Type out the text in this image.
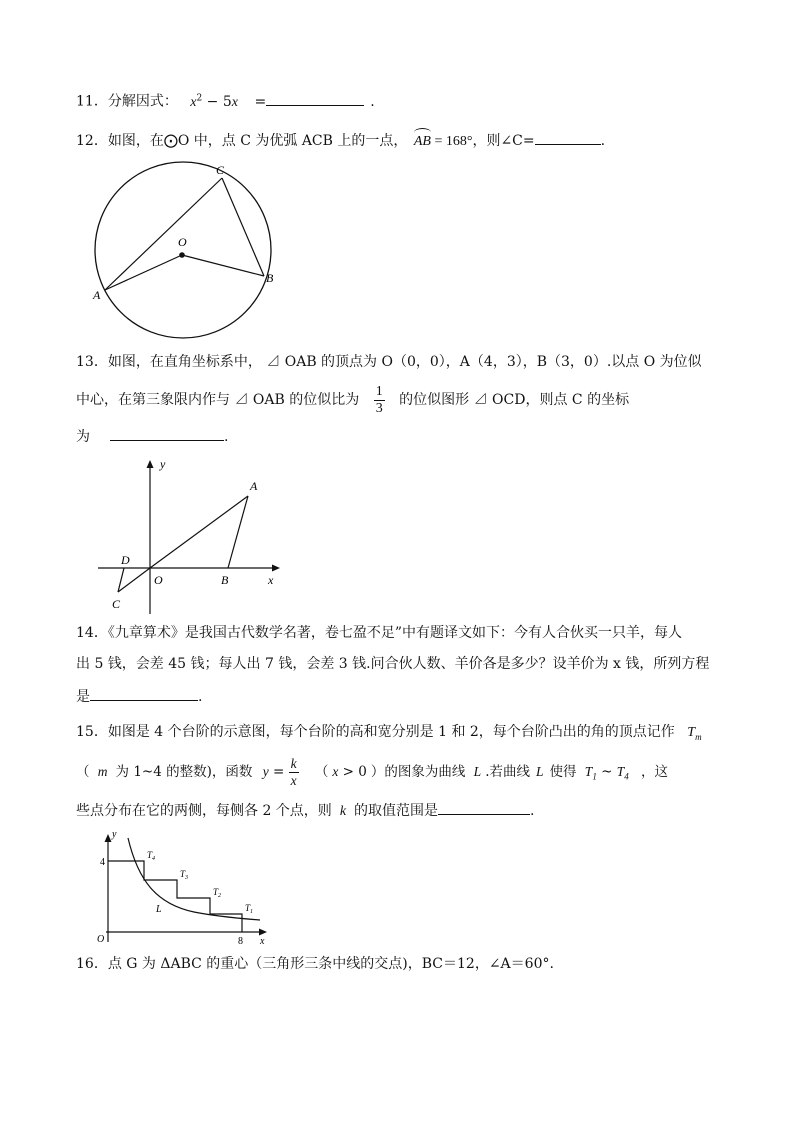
11．分解因式： $x^2 - 5x$ =	.
12．如图，在⨀O 中，点 C 为优弧 ACB 上的一点， AB = 168°，则∠C=	.
C
O
B
A
13．如图，在直角坐标系中， ⊿ OAB 的顶点为 O（0，0），A（4，3），B（3，0）.以点 O 为位似
中心，在第三象限内作与 ⊿ OAB 的位似比为 $\frac{1}{3}$ 的位似图形 ⊿ OCD，则点 C 的坐标
为	.
y
x
A
B
O
D
C
14．《九章算术》是我国古代数学名著，卷七盈不足”中有题译文如下：今有人合伙买一只羊，每人
出 5 钱，会差 45 钱；每人出 7 钱，会差 3 钱.问合伙人数、羊价各是多少？设羊价为 x 钱，所列方程
是	.
15．如图是 4 个台阶的示意图，每个台阶的高和宽分别是 1 和 2，每个台阶凸出的角的顶点记作 $T_m$
（ m 为 1~4 的整数)，函数 $y = \frac{k}{x}$ （ x > 0 ）的图象为曲线 L .若曲线 L 使得 $T_1$ ~ $T_4$ ，这
些点分布在它的两侧，每侧各 2 个点，则 k 的取值范围是	.
y
x
O
4
8
L
$T_4$
$T_3$
$T_2$
$T_1$
16．点 G 为 ΔABC 的重心（三角形三条中线的交点)，BC＝12，∠A＝60°.
